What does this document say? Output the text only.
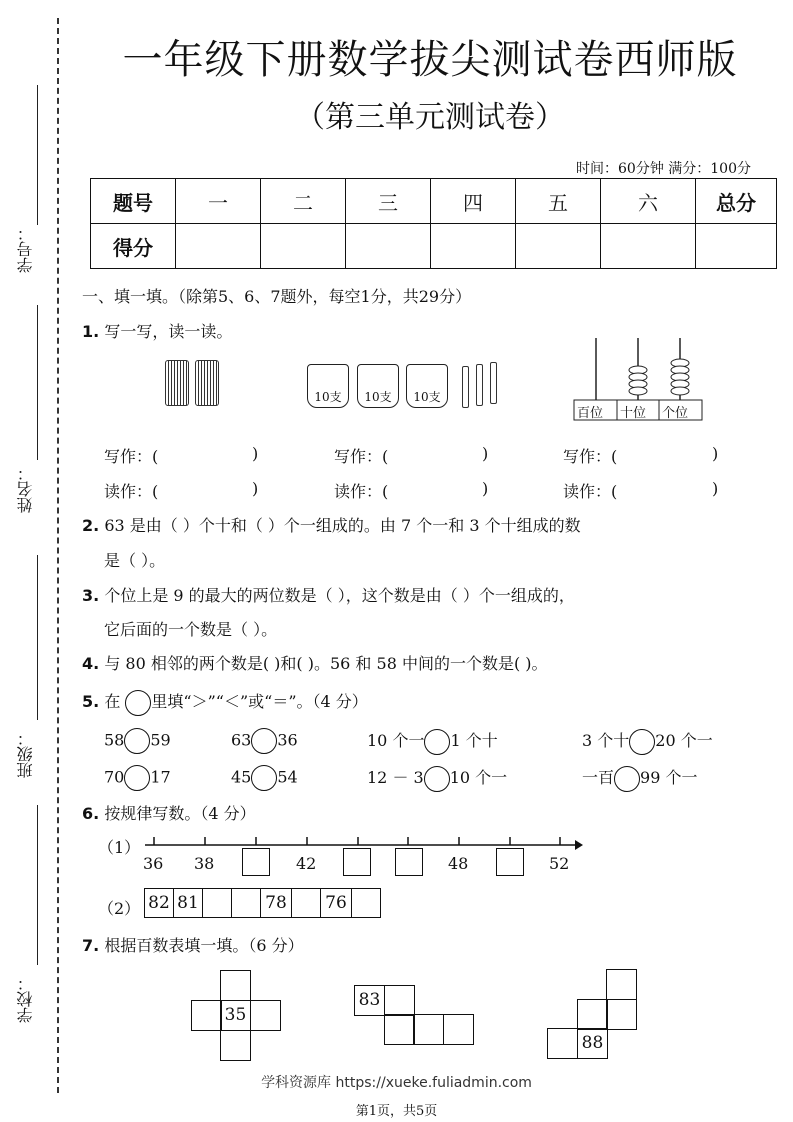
一年级下册数学拔尖测试卷西师版
（第三单元测试卷）
时间：60分钟 满分：100分
学号：
姓名：
班级：
学校：
题号	一	二	三	四	五	六	总分
得分							
一、填一填。（除第5、6、7题外，每空1分，共29分）
1. 写一写，读一读。
10支	10支	10支
百位 十位 个位
写作：(	)	写作：(	)	写作：(	)
读作：(	)	读作：(	)	读作：(	)
2. 63 是由（ ）个十和（ ）个一组成的。由 7 个一和 3 个十组成的数
是（ ）。
3. 个位上是 9 的最大的两位数是（ ），这个数是由（ ）个一组成的，
它后面的一个数是（ ）。
4. 与 80 相邻的两个数是( )和( )。56 和 58 中间的一个数是( )。
5. 在 里填“＞”“＜”或“＝”。（4 分）
58 59	63 36	10 个一 1 个十	3 个十 20 个一
70 17	45 54	12 － 3 10 个一	一百 99 个一
6. 按规律写数。（4 分）
（1）
36 38	42	48	52
（2） 82 81	78	76
7. 根据百数表填一填。（6 分）
35
83
88
学科资源库 https://xueke.fuliadmin.com
第1页，共5页
